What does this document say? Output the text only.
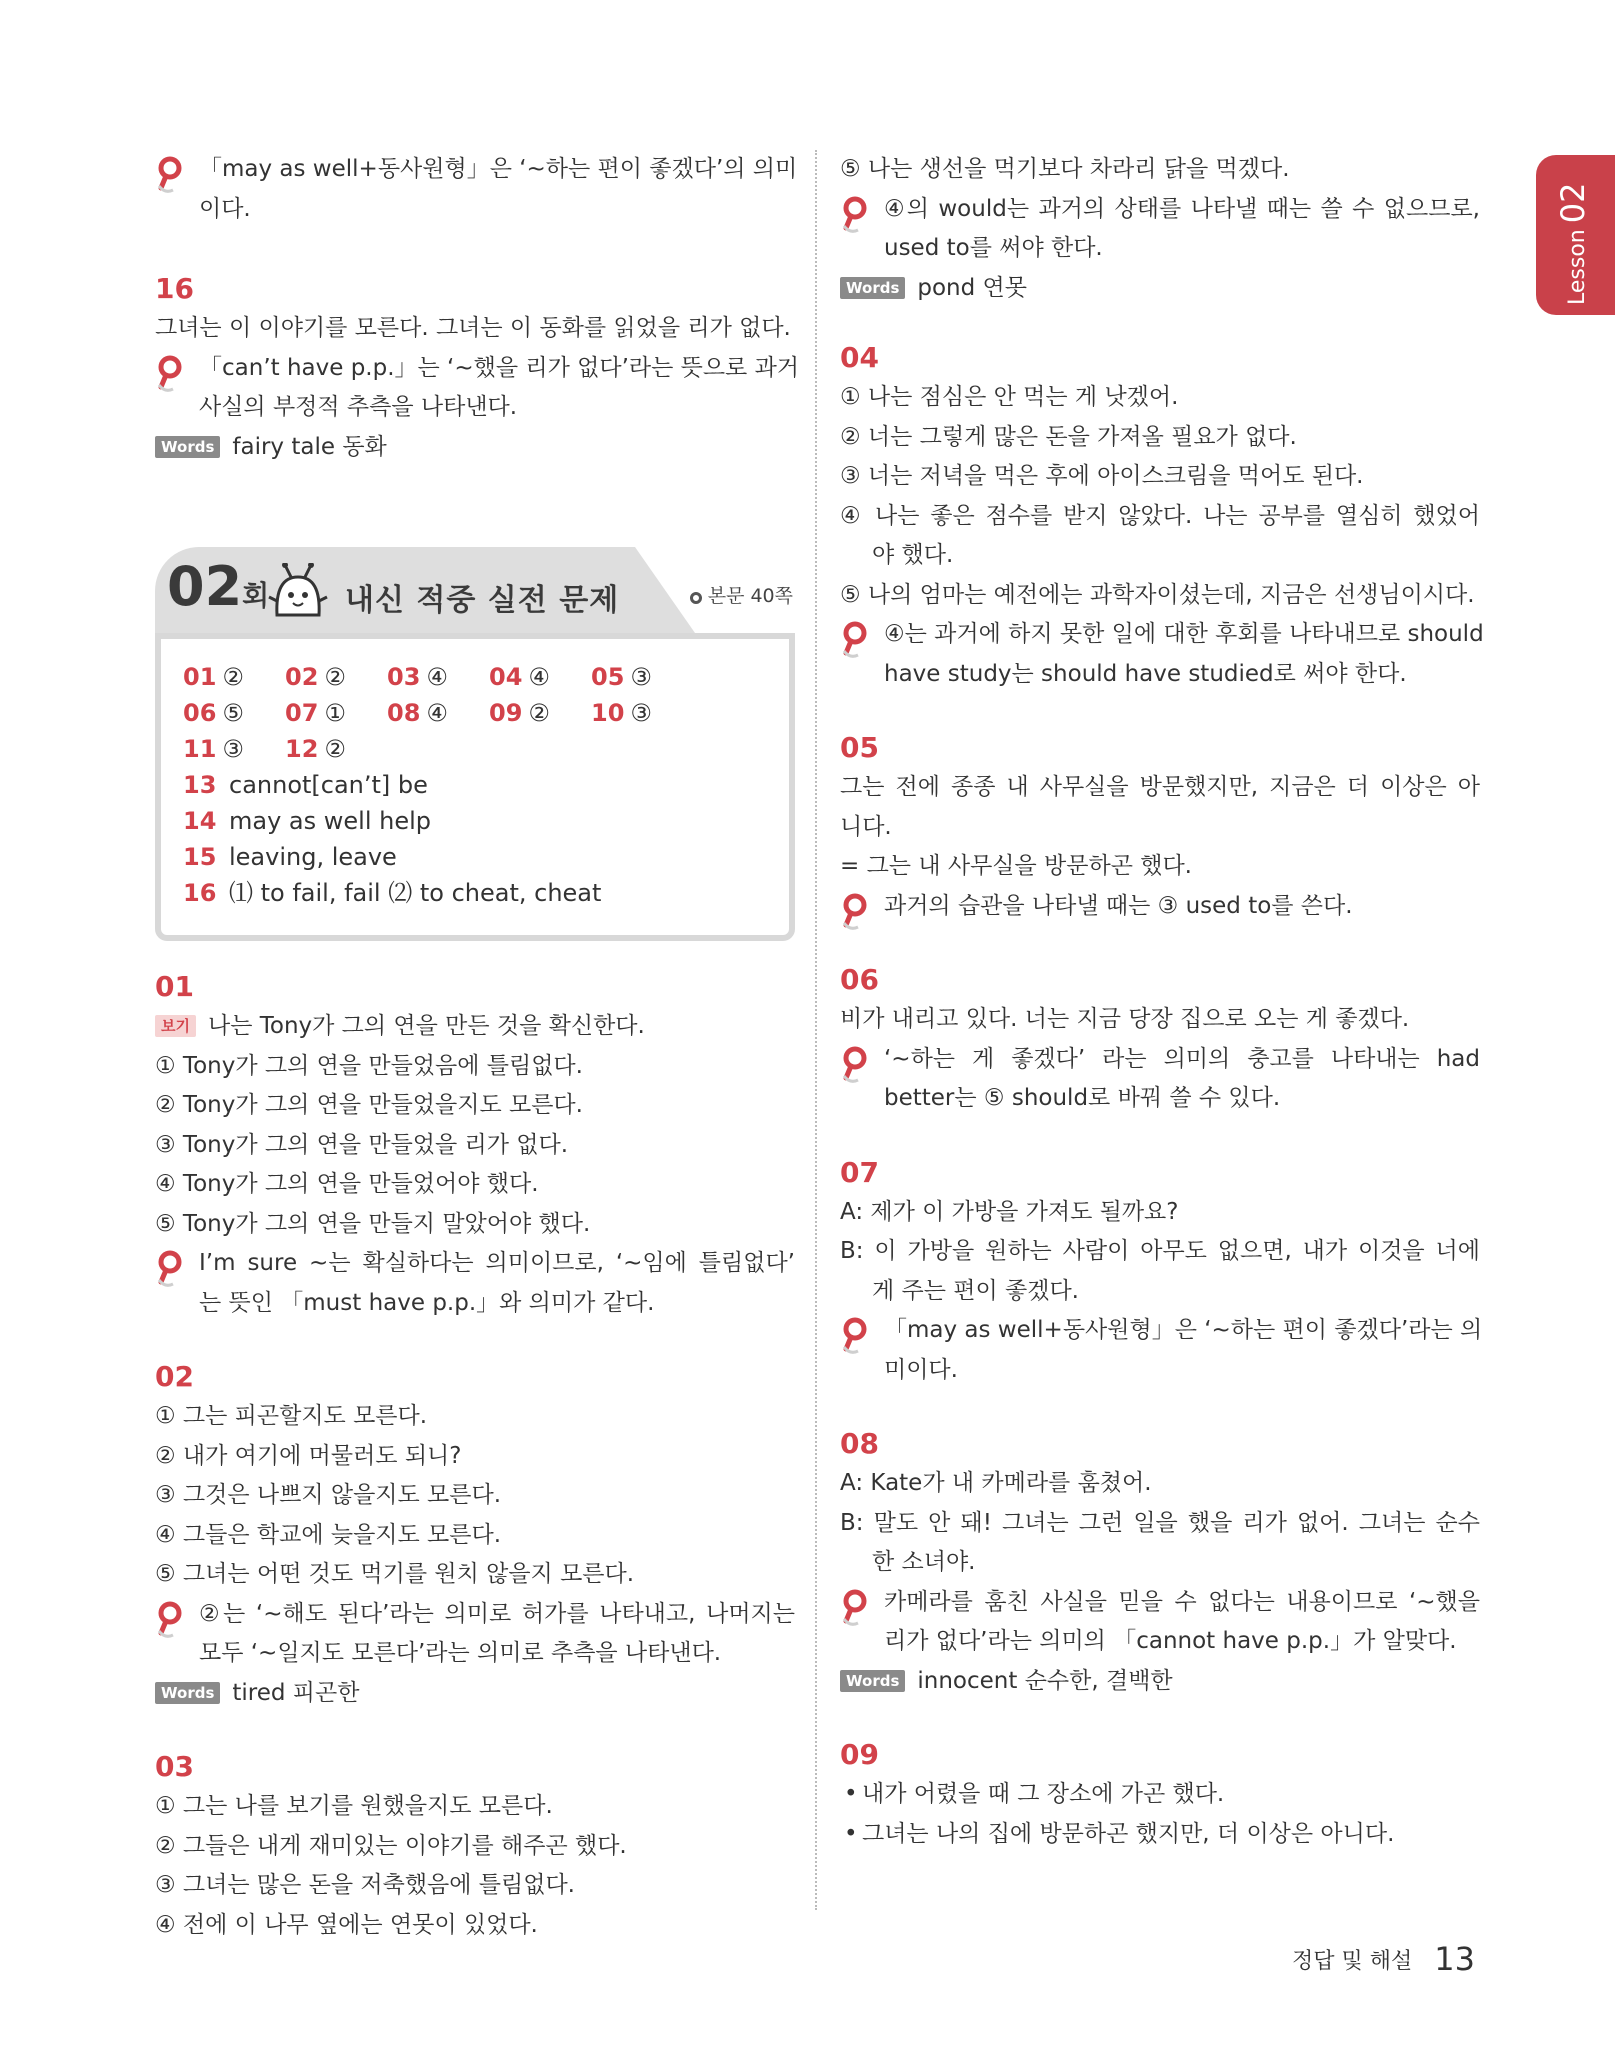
Lesson02

「may as well+동사원형」은 ‘~하는 편이 좋겠다’의 의미

이다.

16

그녀는 이 이야기를 모른다. 그녀는 이 동화를 읽었을 리가 없다.

「can’t have p.p.」는 ‘~했을 리가 없다’라는 뜻으로 과거

사실의 부정적 추측을 나타낸다.

Words fairy tale 동화

02회	내신 적중 실전 문제	본문 40쪽
01 ②	02 ②	03 ④	04 ④	05 ③
06 ⑤	07 ①	08 ④	09 ②	10 ③
11 ③	12 ②
13 cannot[can’t] be
14 may as well help
15 leaving, leave
16 ⑴ to fail, fail ⑵ to cheat, cheat
01

보기 나는 Tony가 그의 연을 만든 것을 확신한다.

① Tony가 그의 연을 만들었음에 틀림없다.

② Tony가 그의 연을 만들었을지도 모른다.

③ Tony가 그의 연을 만들었을 리가 없다.

④ Tony가 그의 연을 만들었어야 했다.

⑤ Tony가 그의 연을 만들지 말았어야 했다.

I’m sure ~는 확실하다는 의미이므로, ‘~임에 틀림없다’

는 뜻인 「must have p.p.」와 의미가 같다.

02

① 그는 피곤할지도 모른다.

② 내가 여기에 머물러도 되니?

③ 그것은 나쁘지 않을지도 모른다.

④ 그들은 학교에 늦을지도 모른다.

⑤ 그녀는 어떤 것도 먹기를 원치 않을지 모른다.

②는 ‘~해도 된다’라는 의미로 허가를 나타내고, 나머지는

모두 ‘~일지도 모른다’라는 의미로 추측을 나타낸다.

Words tired 피곤한

03

① 그는 나를 보기를 원했을지도 모른다.

② 그들은 내게 재미있는 이야기를 해주곤 했다.

③ 그녀는 많은 돈을 저축했음에 틀림없다.

④ 전에 이 나무 옆에는 연못이 있었다.

⑤ 나는 생선을 먹기보다 차라리 닭을 먹겠다.

④의 would는 과거의 상태를 나타낼 때는 쓸 수 없으므로,

used to를 써야 한다.

Words pond 연못

04

① 나는 점심은 안 먹는 게 낫겠어.

② 너는 그렇게 많은 돈을 가져올 필요가 없다.

③ 너는 저녁을 먹은 후에 아이스크림을 먹어도 된다.

④ 나는 좋은 점수를 받지 않았다. 나는 공부를 열심히 했었어

야 했다.

⑤ 나의 엄마는 예전에는 과학자이셨는데, 지금은 선생님이시다.

④는 과거에 하지 못한 일에 대한 후회를 나타내므로 should

have study는 should have studied로 써야 한다.

05

그는 전에 종종 내 사무실을 방문했지만, 지금은 더 이상은 아

니다.

= 그는 내 사무실을 방문하곤 했다.

과거의 습관을 나타낼 때는 ③ used to를 쓴다.

06

비가 내리고 있다. 너는 지금 당장 집으로 오는 게 좋겠다.

‘~하는 게 좋겠다’ 라는 의미의 충고를 나타내는 had

better는 ⑤ should로 바꿔 쓸 수 있다.

07

A: 제가 이 가방을 가져도 될까요?

B: 이 가방을 원하는 사람이 아무도 없으면, 내가 이것을 너에

게 주는 편이 좋겠다.

「may as well+동사원형」은 ‘~하는 편이 좋겠다’라는 의

미이다.

08

A: Kate가 내 카메라를 훔쳤어.

B: 말도 안 돼! 그녀는 그런 일을 했을 리가 없어. 그녀는 순수

한 소녀야.

카메라를 훔친 사실을 믿을 수 없다는 내용이므로 ‘~했을

리가 없다’라는 의미의 「cannot have p.p.」가 알맞다.

Words innocent 순수한, 결백한

09

• 내가 어렸을 때 그 장소에 가곤 했다.

• 그녀는 나의 집에 방문하곤 했지만, 더 이상은 아니다.

정답 및 해설 13
